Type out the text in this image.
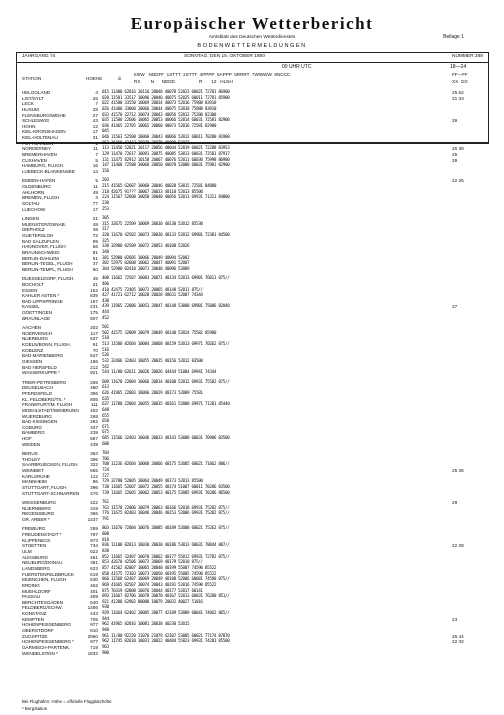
Europäischer Wetterbericht
Amtsblatt des Deutschen Wetterdienstes	Beilage 1
BODENWETTERMELDUNGEN
JAHRGANG 74	SONNTAG, DEN 15. OKTOBER 1950	NUMMER 288
00 UHR UTC	18—24
STATION	HOEHE	iii
IIIIIW   NDDFF  1STTT  2STTT  4PPPP  5APPP  6RRRT  7WWWW  8NCCC
RX        N      NDDD                   R       12   HLNH
FF—FF
XX  GG
HELGOLAND	4 015 11400 62816 10116 20048 40078 52023 60021 72781 86900	25 62
LIST/SYLT	26 020 11581 33517 10096 20040 40075 52025 60011 72781 85900	21 33
LECK	7 022 41580 33550 10069 20034 40073 52016 75988 83910
HUSUM	28 026 41480 33060 10066 20044 40075 52018 75988 83910
FLENSBURG/WEIHE	27 033 41570 22712 10074 20043 40056 52012 75280 82300
SCHLESWIG	43 035 11580 22606 10065 20053 40066 52014 60031 72581 82900	29
HOHN	12 036 41465 22705 10065 20060 40073 52016 72581 82900
KIEL-KRONSHAGEN	17 045
KIEL-HOLTENAU	31 046 11563 52508 10068 20043 40066 52012 60011 70280 81900
PUTTGARDEN	1 063 36460 42412 10079 20079 40090 52027
NORDERNEY	11 113 11450 52021 10117 20056 40044 52019 60021 72288 83953	26 38
BREMERHAVEN	7 129 11470 72617 10091 20075 40085 53013 60031 72581 87917	25
CUXHAVEN	5 131 11475 82912 10158 20067 40076 52011 60030 75998 86900	29
HAMBURG, FLUGH	16 147 11468 72508 10068 20050 40078 52008 60031 75981 82900
LUEBECK-BLANKENSEE	14 156
EMDEN-HAFEN	5 203	22 26
OLDENBURG	11 215 41565 62607 10068 20046 40028 53015 72581 84800
AHLHORN	49 218 42675 91??? 10067 20033 40110 52013 85500
BREMEN, FLUGH	3 224 11567 52608 10058 20040 40056 52011 69931 71311 84800
SOLTAU	77 230
LUECHOW	17 253
LINGEN	21 305
MUENSTER/OSNAB.	48 315 32675 22509 10069 20030 40130 52012 85530
DIEPHOLZ	38 317
GUETERSLOH	72 320 11670 42502 10073 20030 40133 52012 69901 72381 84500
BAD SALZUFLEN	99 325
HANNOVER, FLUGH	56 338 32980 02509 10072 20053 40108 52026
BRAUNSCHWEIG	81 348
BERLIN-DAHLEM	51 381 52980 02605 10066 20049 40094 52002
BERLIN-TEGEL, FLUGH	37 382 52975 02608 10062 20047 40091 52007
BERLIN-TEMPL, FLUGH	50 384 52980 02410 10071 20048 40096 52009
DUESSELDORF, FLUGH.	45 400 11662 72507 10083 20071 40134 52013 69901 76011 875//
BOCHOLT	21 406
ESSEN	152 410 42475 72405 10072 20065 40148 52011 875//
KAHLER ASTEN *	839 427 41721 62712 10028 20028 48631 52007 74344
BAD LIPPSPRINGE	157 430
KASSEL	231 439 11965 22006 10053 20047 40140 53008 69901 75086 82040	27
GOETTINGEN	175 444
BRAUNLAGE	607 452
AACHEN	202 501
NOERVENICH	117 502 41575 32809 10079 20049 40140 52024 75582 85900
NUERBURG	627 510
KOELN/BONN, FLUGH.	91 513 11580 82604 10084 20068 40159 52013 69971 70262 875//
KOBLENZ	70 516
BAD MARIENBERG	547 526
GIESSEN	186 532 32466 32403 10055 20035 40156 52012 83500
BAD HERSFELD	212 542
WASSERKUPPE *	921 544 11/00 62611 10026 20026 44444 51004 69941 74344
TRIER-PETRISBERG	265 609 11670 22004 10066 20014 40180 52012 69931 75582 875//
DEUSELBACH	480 613
PFERDSFELD	396 626 41965 22003 10066 20029 40173 52009 75581
KL. FELDBERG/TS. *	805 635
FRANKFURT/M. FLUGH	111 637 11780 22004 10055 20035 40161 52008 69971 71281 85440
MOEHLSTADT/WEIBRUNN	402 648
WUERZBURG	268 655
BAD KISSINGEN	282 658
COBURG	337 671
BAMBERG	239 675
HOF	567 685 11566 32403 10046 20033 40143 53008 60031 70986 83500
WEIDEN	439 688
BERUS	363 704
THOLEY	396 706
SAARBRUECKEN, FLUGH.	322 708 11236 82604 10068 20066 40175 52005 60021 71062 886//
WEINBIET	555 724	25 36
KARLSRUHE	112 727
MANNHEIM	96 729 32780 52005 10064 20049 40173 52013 85500
STUTTGART, FLUGH	396 738 11665 52607 10072 20055 40174 51007 60011 70286 83500
STUTTGART-SCHNARREN	276 739 11665 22605 10062 20053 40175 52005 69931 70286 86500
WEISSENBURG	422 761	29
NUERNBERG	319 763 11570 22006 10079 20063 40166 52018 69931 75282 875//
REGENSBURG	366 776 11675 82403 10046 20046 40153 52006 69931 75282 875//
GR. ARBER *	1437 791
FREIBURG	269 803 11670 72004 10076 20085 40189 52008 60021 75262 875//
FREUDENSTADT *	797 808
KLIPPENECK	973 818
STOETTEN	734 836 11108 82813 10030 20030 40186 53013 60031 78044 807//	22 28
ULM	522 838
AUGSBURG	461 852 11665 32407 10070 20062 40177 55012 69931 72782 875//
NEUBURG/DONAU	381 853 42670 42506 10072 20069 40179 52010 875//
LANDSBERG	623 857 41562 82007 10065 20048 40199 55007 74590 85522
FUERSTENFELDBRUCK	519 858 41575 72303 10073 20050 40195 55005 74590 85522
MUENCHEN, FLUGH	530 866 11568 62407 10069 20049 40188 52006 60081 74590 875//
ERDING	462 869 41665 82507 10074 20043 40191 52016 74590 85522
MUEHLDORF	401 875 76419 42808 10076 20044 40177 52017 60141
PASSAU	409 893 11667 82706 10078 20070 40167 52013 60031 76280 851//
BERCHTESGADEN	540 921 41280 62902 00000 10079 20032 40027 51016
FELDBERG/SCHW.	1486 930
KONSTANZ	443 929 11664 62402 10085 20077 42189 52009 60041 74062 865//
KEMPTEN	705 944	23
HOHENPEISSENBERG	977 962 41965 82016 10081 20038 40230 52015
OBERSTDORF	810 948
ZUGSPITZE	2960 961 11/00 92220 11076 21079 42107 53005 60021 77174 87070	26 44
HOHENPEISSENBERG *	977 962 11745 82610 10031 20022 40484 55023 69931 74281 85500	22 32
GARMISCH-PARTENK.	719 963
WENDELSTEIN *	1832 980
Bei Flughäfen: Höhe = offizielle Flugplatzhöhe
* Bergstation
